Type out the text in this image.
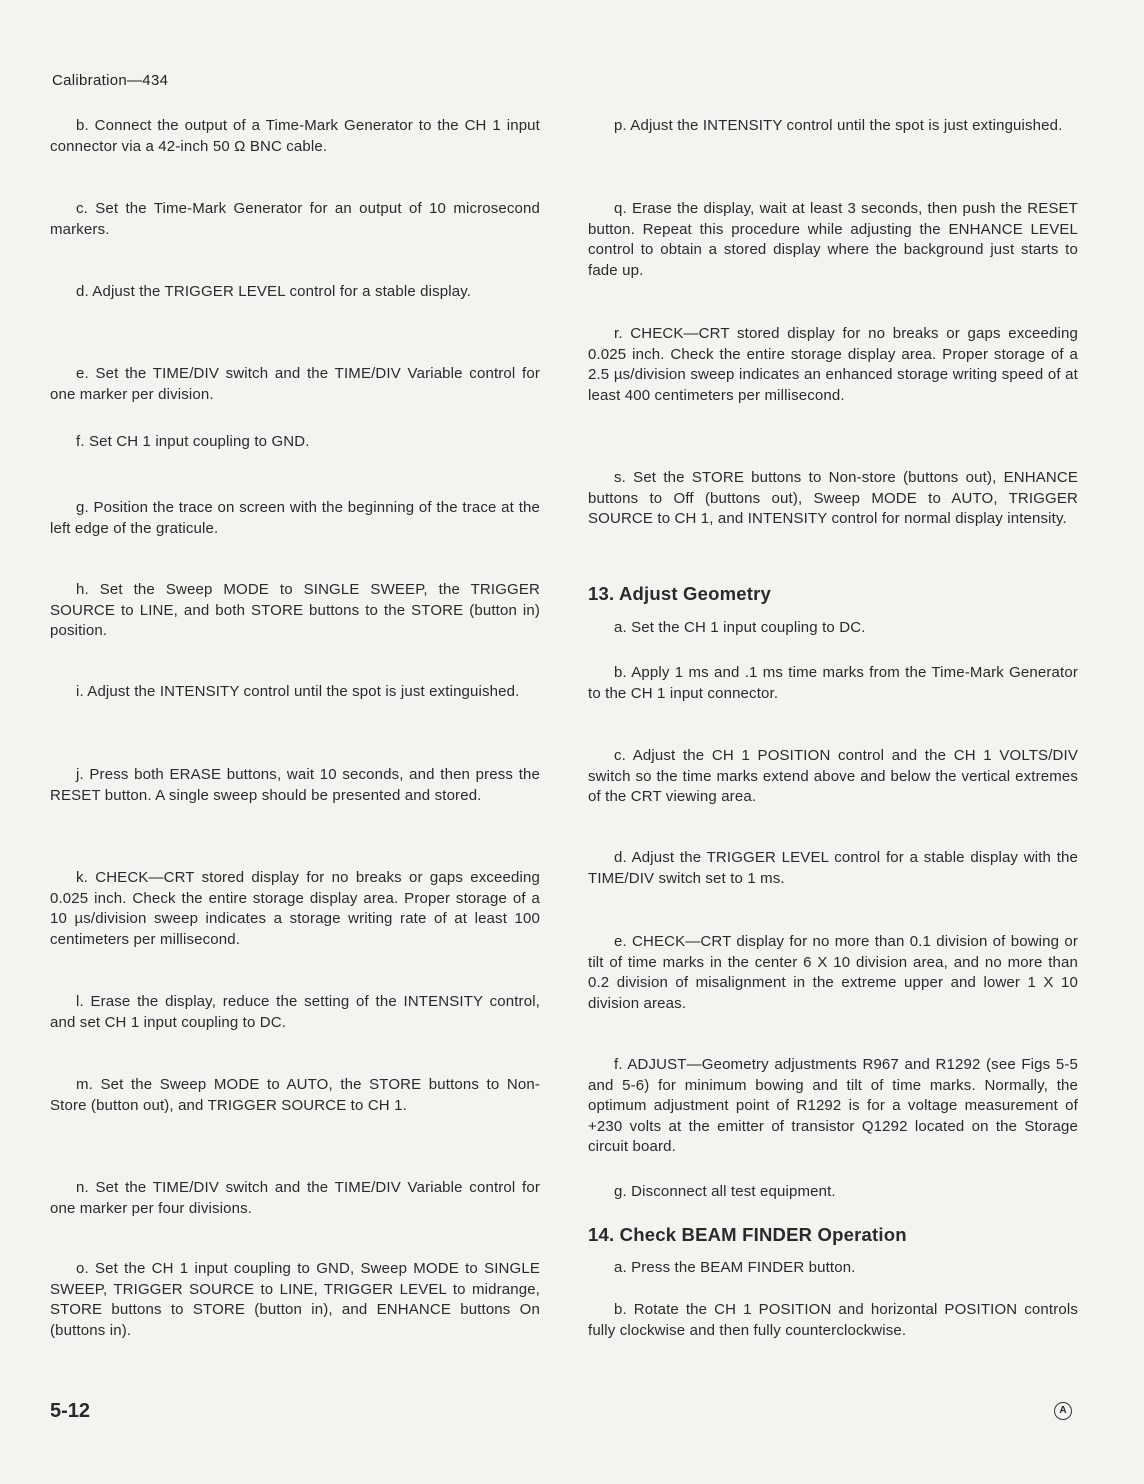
Calibration—434

b. Connect the output of a Time-Mark Generator to the CH 1 input connector via a 42-inch 50 Ω BNC cable.

c. Set the Time-Mark Generator for an output of 10 microsecond markers.

d. Adjust the TRIGGER LEVEL control for a stable display.

e. Set the TIME/DIV switch and the TIME/DIV Variable control for one marker per division.

f. Set CH 1 input coupling to GND.

g. Position the trace on screen with the beginning of the trace at the left edge of the graticule.

h. Set the Sweep MODE to SINGLE SWEEP, the TRIGGER SOURCE to LINE, and both STORE buttons to the STORE (button in) position.

i. Adjust the INTENSITY control until the spot is just extinguished.

j. Press both ERASE buttons, wait 10 seconds, and then press the RESET button. A single sweep should be presented and stored.

k. CHECK—CRT stored display for no breaks or gaps exceeding 0.025 inch. Check the entire storage display area. Proper storage of a 10 µs/division sweep indicates a storage writing rate of at least 100 centimeters per millisecond.

l. Erase the display, reduce the setting of the INTENSITY control, and set CH 1 input coupling to DC.

m. Set the Sweep MODE to AUTO, the STORE buttons to Non-Store (button out), and TRIGGER SOURCE to CH 1.

n. Set the TIME/DIV switch and the TIME/DIV Variable control for one marker per four divisions.

o. Set the CH 1 input coupling to GND, Sweep MODE to SINGLE SWEEP, TRIGGER SOURCE to LINE, TRIGGER LEVEL to midrange, STORE buttons to STORE (button in), and ENHANCE buttons On (buttons in).

p. Adjust the INTENSITY control until the spot is just extinguished.

q. Erase the display, wait at least 3 seconds, then push the RESET button. Repeat this procedure while adjusting the ENHANCE LEVEL control to obtain a stored display where the background just starts to fade up.

r. CHECK—CRT stored display for no breaks or gaps exceeding 0.025 inch. Check the entire storage display area. Proper storage of a 2.5 µs/division sweep indicates an enhanced storage writing speed of at least 400 centimeters per millisecond.

s. Set the STORE buttons to Non-store (buttons out), ENHANCE buttons to Off (buttons out), Sweep MODE to AUTO, TRIGGER SOURCE to CH 1, and INTENSITY control for normal display intensity.

13. Adjust Geometry

a. Set the CH 1 input coupling to DC.

b. Apply 1 ms and .1 ms time marks from the Time-Mark Generator to the CH 1 input connector.

c. Adjust the CH 1 POSITION control and the CH 1 VOLTS/DIV switch so the time marks extend above and below the vertical extremes of the CRT viewing area.

d. Adjust the TRIGGER LEVEL control for a stable display with the TIME/DIV switch set to 1 ms.

e. CHECK—CRT display for no more than 0.1 division of bowing or tilt of time marks in the center 6 X 10 division area, and no more than 0.2 division of misalignment in the extreme upper and lower 1 X 10 division areas.

f. ADJUST—Geometry adjustments R967 and R1292 (see Figs 5-5 and 5-6) for minimum bowing and tilt of time marks. Normally, the optimum adjustment point of R1292 is for a voltage measurement of +230 volts at the emitter of transistor Q1292 located on the Storage circuit board.

g. Disconnect all test equipment.

14. Check BEAM FINDER Operation

a. Press the BEAM FINDER button.

b. Rotate the CH 1 POSITION and horizontal POSITION controls fully clockwise and then fully counterclockwise.

5-12	A
